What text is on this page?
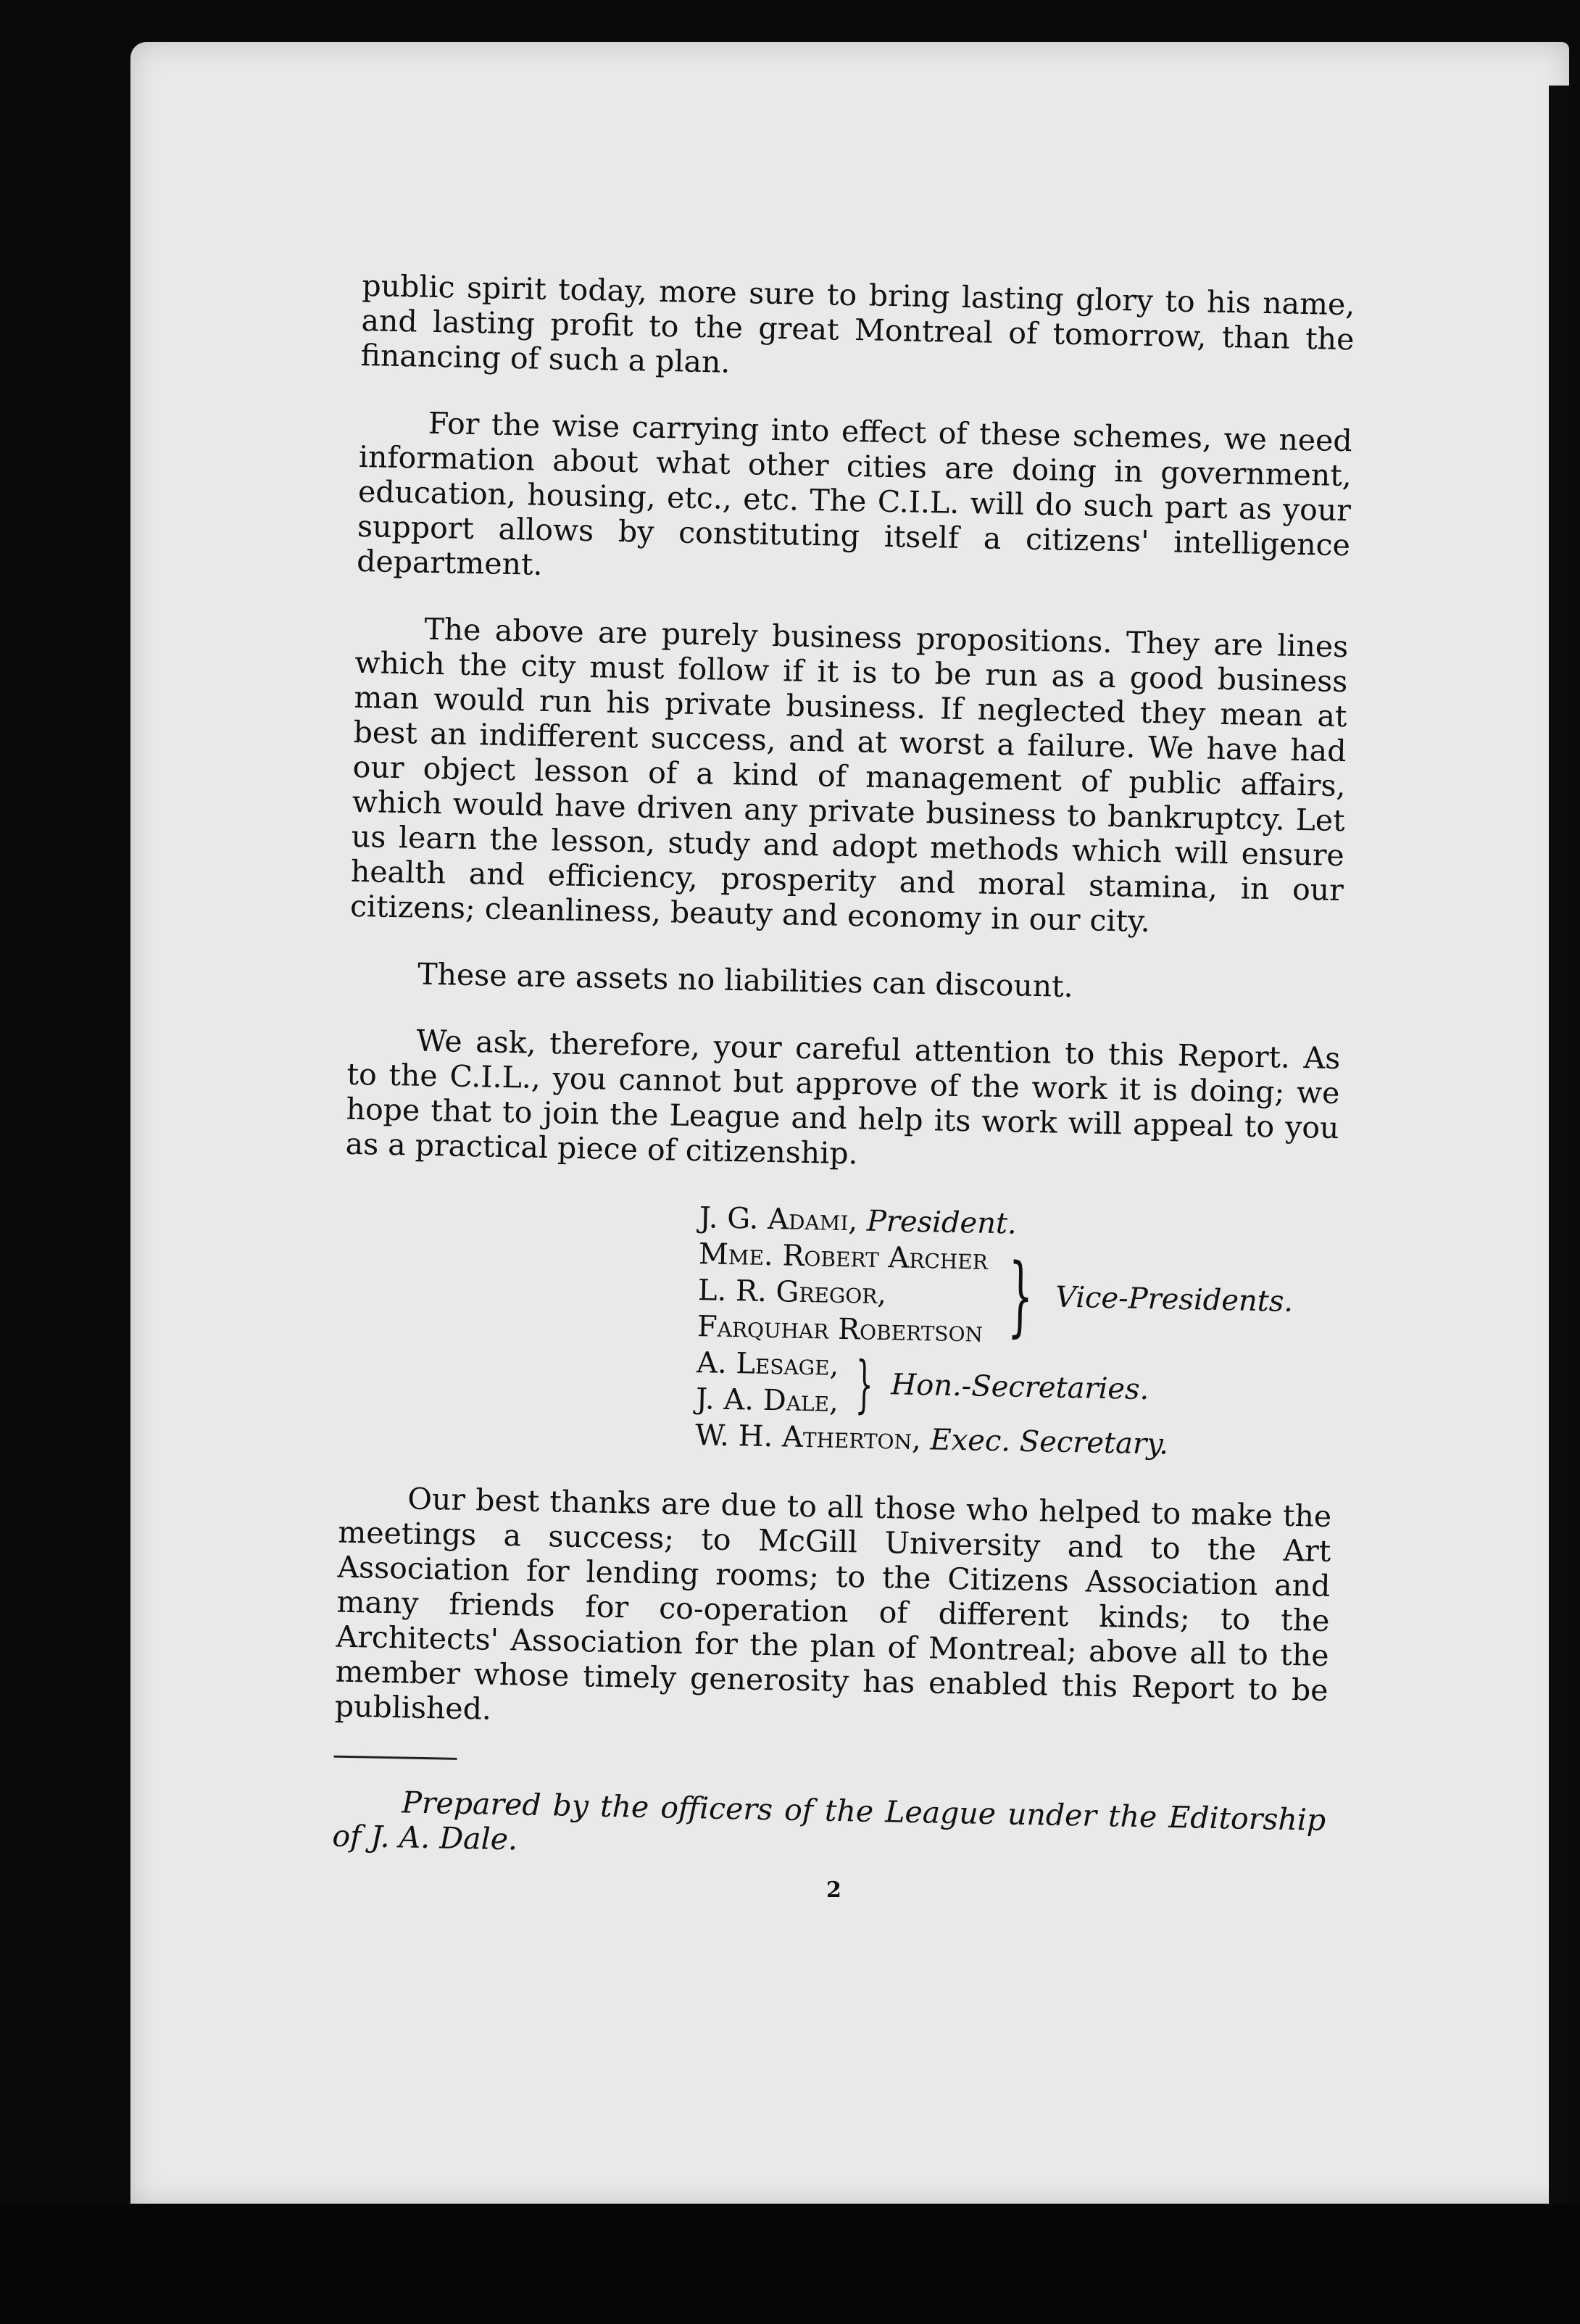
public spirit today, more sure to bring lasting glory to his name, and lasting profit to the great Montreal of tomorrow, than the financing of such a plan.

For the wise carrying into effect of these schemes, we need information about what other cities are doing in government, education, housing, etc., etc. The C.I.L. will do such part as your support allows by constituting itself a citizens' intelligence department.

The above are purely business propositions. They are lines which the city must follow if it is to be run as a good business man would run his private business. If neglected they mean at best an indifferent success, and at worst a failure. We have had our object lesson of a kind of management of public affairs, which would have driven any private business to bankruptcy. Let us learn the lesson, study and adopt methods which will ensure health and efficiency, prosperity and moral stamina, in our citizens; cleanliness, beauty and economy in our city.

These are assets no liabilities can discount.

We ask, therefore, your careful attention to this Report. As to the C.I.L., you cannot but approve of the work it is doing; we hope that to join the League and help its work will appeal to you as a practical piece of citizenship.

J. G. Adami, President.
Mme. Robert Archer
L. R. Gregor,
Farquhar Robertson } Vice-Presidents.
A. Lesage,
J. A. Dale, } Hon.-Secretaries.
W. H. Atherton, Exec. Secretary.

Our best thanks are due to all those who helped to make the meetings a success; to McGill University and to the Art Association for lending rooms; to the Citizens Association and many friends for co-operation of different kinds; to the Architects' Association for the plan of Montreal; above all to the member whose timely generosity has enabled this Report to be published.

Prepared by the officers of the League under the Editorship of J. A. Dale.

2
